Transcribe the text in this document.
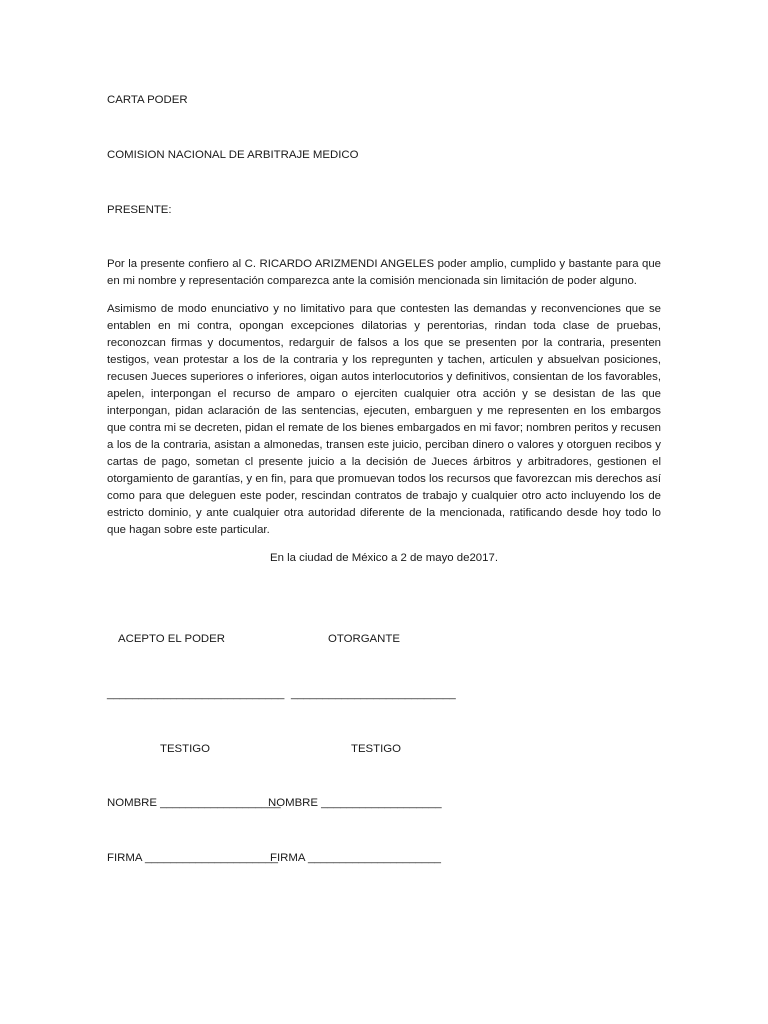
CARTA PODER
COMISION NACIONAL DE ARBITRAJE MEDICO
PRESENTE:
Por la presente confiero al C. RICARDO ARIZMENDI ANGELES poder amplio, cumplido y bastante para que en mi nombre y representación comparezca ante la comisión mencionada sin limitación de poder alguno.
Asimismo de modo enunciativo y no limitativo para que contesten las demandas y reconvenciones que se entablen en mi contra, opongan excepciones dilatorias y perentorias, rindan toda clase de pruebas, reconozcan firmas y documentos, redarguir de falsos a los que se presenten por la contraria, presenten testigos, vean protestar a los de la contraria y los repregunten y tachen, articulen y absuelvan posiciones, recusen Jueces superiores o inferiores, oigan autos interlocutorios y definitivos, consientan de los favorables, apelen, interpongan el recurso de amparo o ejerciten cualquier otra acción y se desistan de las que interpongan, pidan aclaración de las sentencias, ejecuten, embarguen y me representen en los embargos que contra mi se decreten, pidan el remate de los bienes embargados en mi favor; nombren peritos y recusen a los de la contraria, asistan a almonedas, transen este juicio, perciban dinero o valores y otorguen recibos y cartas de pago, sometan cl presente juicio a la decisión de Jueces árbitros y arbitradores, gestionen el otorgamiento de garantías, y en fin, para que promuevan todos los recursos que favorezcan mis derechos así como para que deleguen este poder, rescindan contratos de trabajo y cualquier otro acto incluyendo los de estricto dominio, y ante cualquier otra autoridad diferente de la mencionada, ratificando desde hoy todo lo que hagan sobre este particular.
En la ciudad de México a 2 de mayo de2017.
ACEPTO EL PODER	OTORGANTE
____________________________ __________________________
TESTIGO	TESTIGO
NOMBRE ___________________
NOMBRE ___________________
FIRMA _____________________
FIRMA _____________________
